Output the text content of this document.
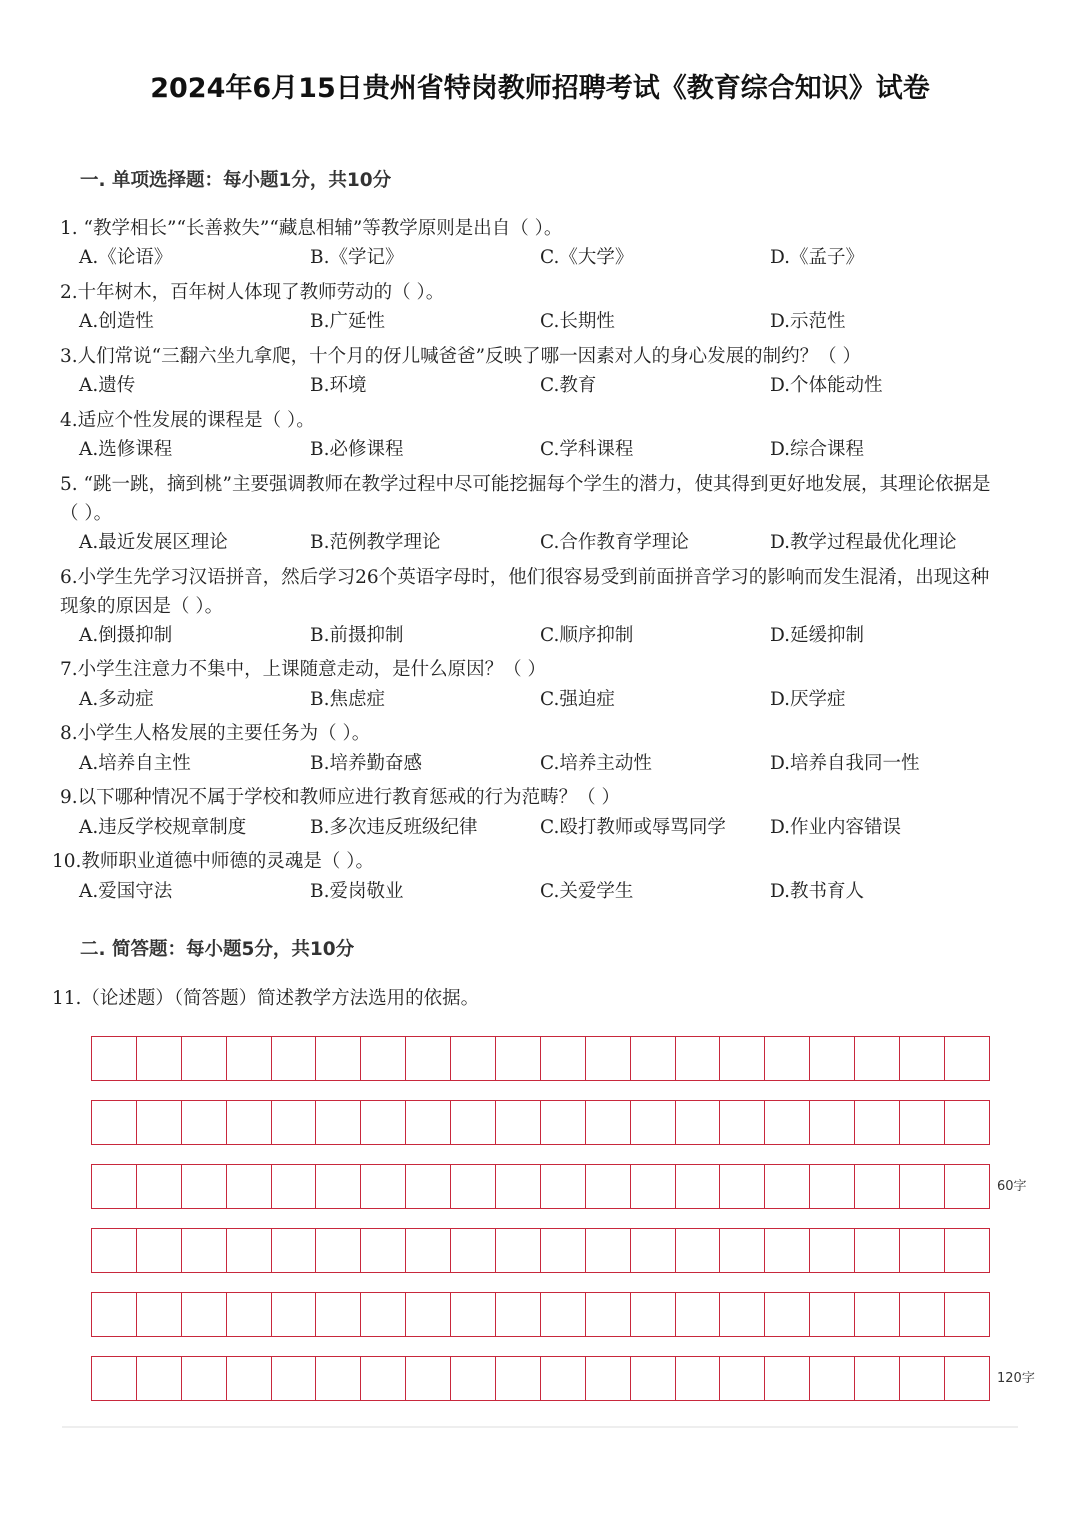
2024年6月15日贵州省特岗教师招聘考试《教育综合知识》试卷
一. 单项选择题：每小题1分，共10分
1. “教学相长”“长善救失”“藏息相辅”等教学原则是出自（ ）。
A.《论语》	B.《学记》	C.《大学》	D.《孟子》
2.十年树木，百年树人体现了教师劳动的（ ）。
A.创造性	B.广延性	C.长期性	D.示范性
3.人们常说“三翻六坐九拿爬，十个月的伢儿喊爸爸”反映了哪一因素对人的身心发展的制约？（ ）
A.遗传	B.环境	C.教育	D.个体能动性
4.适应个性发展的课程是（ ）。
A.选修课程	B.必修课程	C.学科课程	D.综合课程
5. “跳一跳，摘到桃”主要强调教师在教学过程中尽可能挖掘每个学生的潜力，使其得到更好地发展，其理论依据是（ ）。
A.最近发展区理论	B.范例教学理论	C.合作教育学理论	D.教学过程最优化理论
6.小学生先学习汉语拼音，然后学习26个英语字母时，他们很容易受到前面拼音学习的影响而发生混淆，出现这种现象的原因是（ ）。
A.倒摄抑制	B.前摄抑制	C.顺序抑制	D.延缓抑制
7.小学生注意力不集中，上课随意走动，是什么原因？（ ）
A.多动症	B.焦虑症	C.强迫症	D.厌学症
8.小学生人格发展的主要任务为（ ）。
A.培养自主性	B.培养勤奋感	C.培养主动性	D.培养自我同一性
9.以下哪种情况不属于学校和教师应进行教育惩戒的行为范畴？（ ）
A.违反学校规章制度	B.多次违反班级纪律	C.殴打教师或辱骂同学 D.作业内容错误
10.教师职业道德中师德的灵魂是（ ）。
A.爱国守法	B.爱岗敬业	C.关爱学生	D.教书育人
二. 简答题：每小题5分，共10分
11.（论述题）（简答题）简述教学方法选用的依据。
60字
120字
